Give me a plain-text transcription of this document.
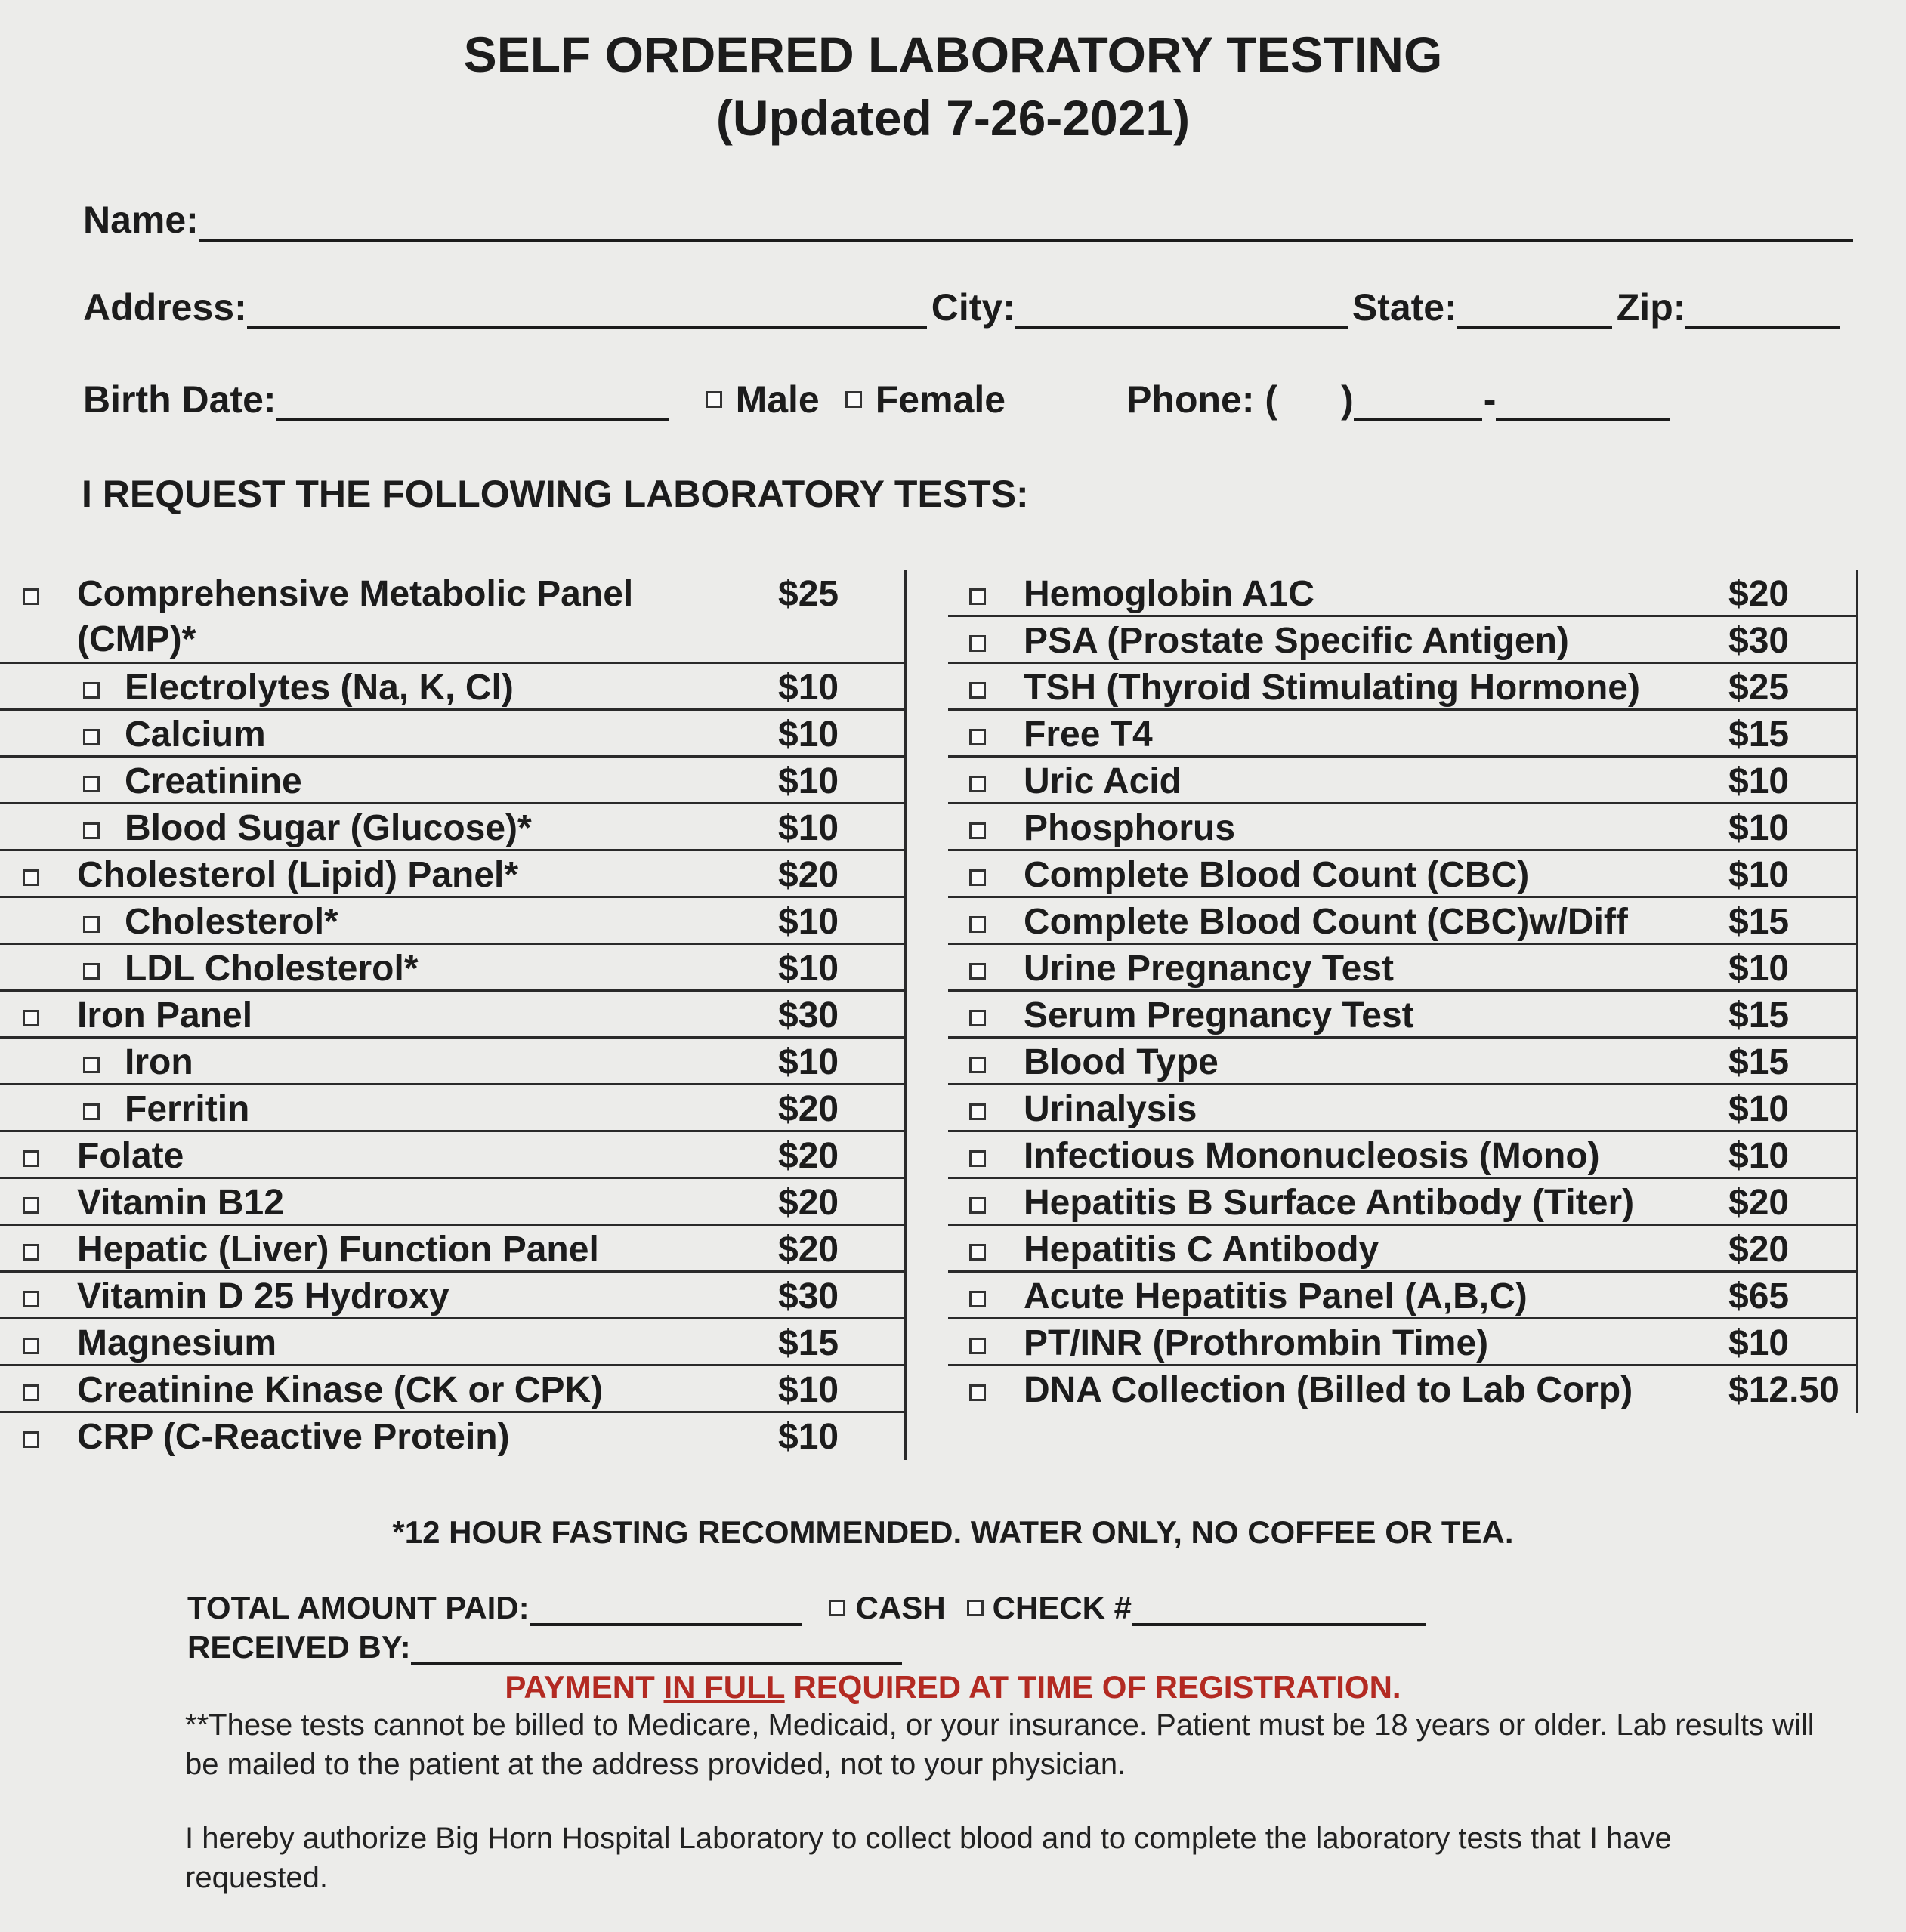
SELF ORDERED LABORATORY TESTING
(Updated 7-26-2021)
Name:
Address:	City:	State:	Zip:
Birth Date:	Male Female	Phone: ( )	-
I REQUEST THE FOLLOWING LABORATORY TESTS:
Comprehensive Metabolic Panel
(CMP)*
$25
Electrolytes (Na, K, Cl)	$10
Calcium	$10
Creatinine	$10
Blood Sugar (Glucose)*	$10
Cholesterol (Lipid) Panel*	$20
Cholesterol*	$10
LDL Cholesterol*	$10
Iron Panel	$30
Iron	$10
Ferritin	$20
Folate	$20
Vitamin B12	$20
Hepatic (Liver) Function Panel	$20
Vitamin D 25 Hydroxy	$30
Magnesium	$15
Creatinine Kinase (CK or CPK)	$10
CRP (C-Reactive Protein)	$10
Hemoglobin A1C	$20
PSA (Prostate Specific Antigen)	$30
TSH (Thyroid Stimulating Hormone) $25
Free T4	$15
Uric Acid	$10
Phosphorus	$10
Complete Blood Count (CBC)	$10
Complete Blood Count (CBC)w/Diff	$15
Urine Pregnancy Test	$10
Serum Pregnancy Test	$15
Blood Type	$15
Urinalysis	$10
Infectious Mononucleosis (Mono)	$10
Hepatitis B Surface Antibody (Titer)	$20
Hepatitis C Antibody	$20
Acute Hepatitis Panel (A,B,C)	$65
PT/INR (Prothrombin Time)	$10
DNA Collection (Billed to Lab Corp)	$12.50
*12 HOUR FASTING RECOMMENDED. WATER ONLY, NO COFFEE OR TEA.
TOTAL AMOUNT PAID:	CASH CHECK #
RECEIVED BY:
PAYMENT IN FULL REQUIRED AT TIME OF REGISTRATION.
**These tests cannot be billed to Medicare, Medicaid, or your insurance. Patient must be 18 years or older. Lab results will be mailed to the patient at the address provided, not to your physician.
I hereby authorize Big Horn Hospital Laboratory to collect blood and to complete the laboratory tests that I have requested.
